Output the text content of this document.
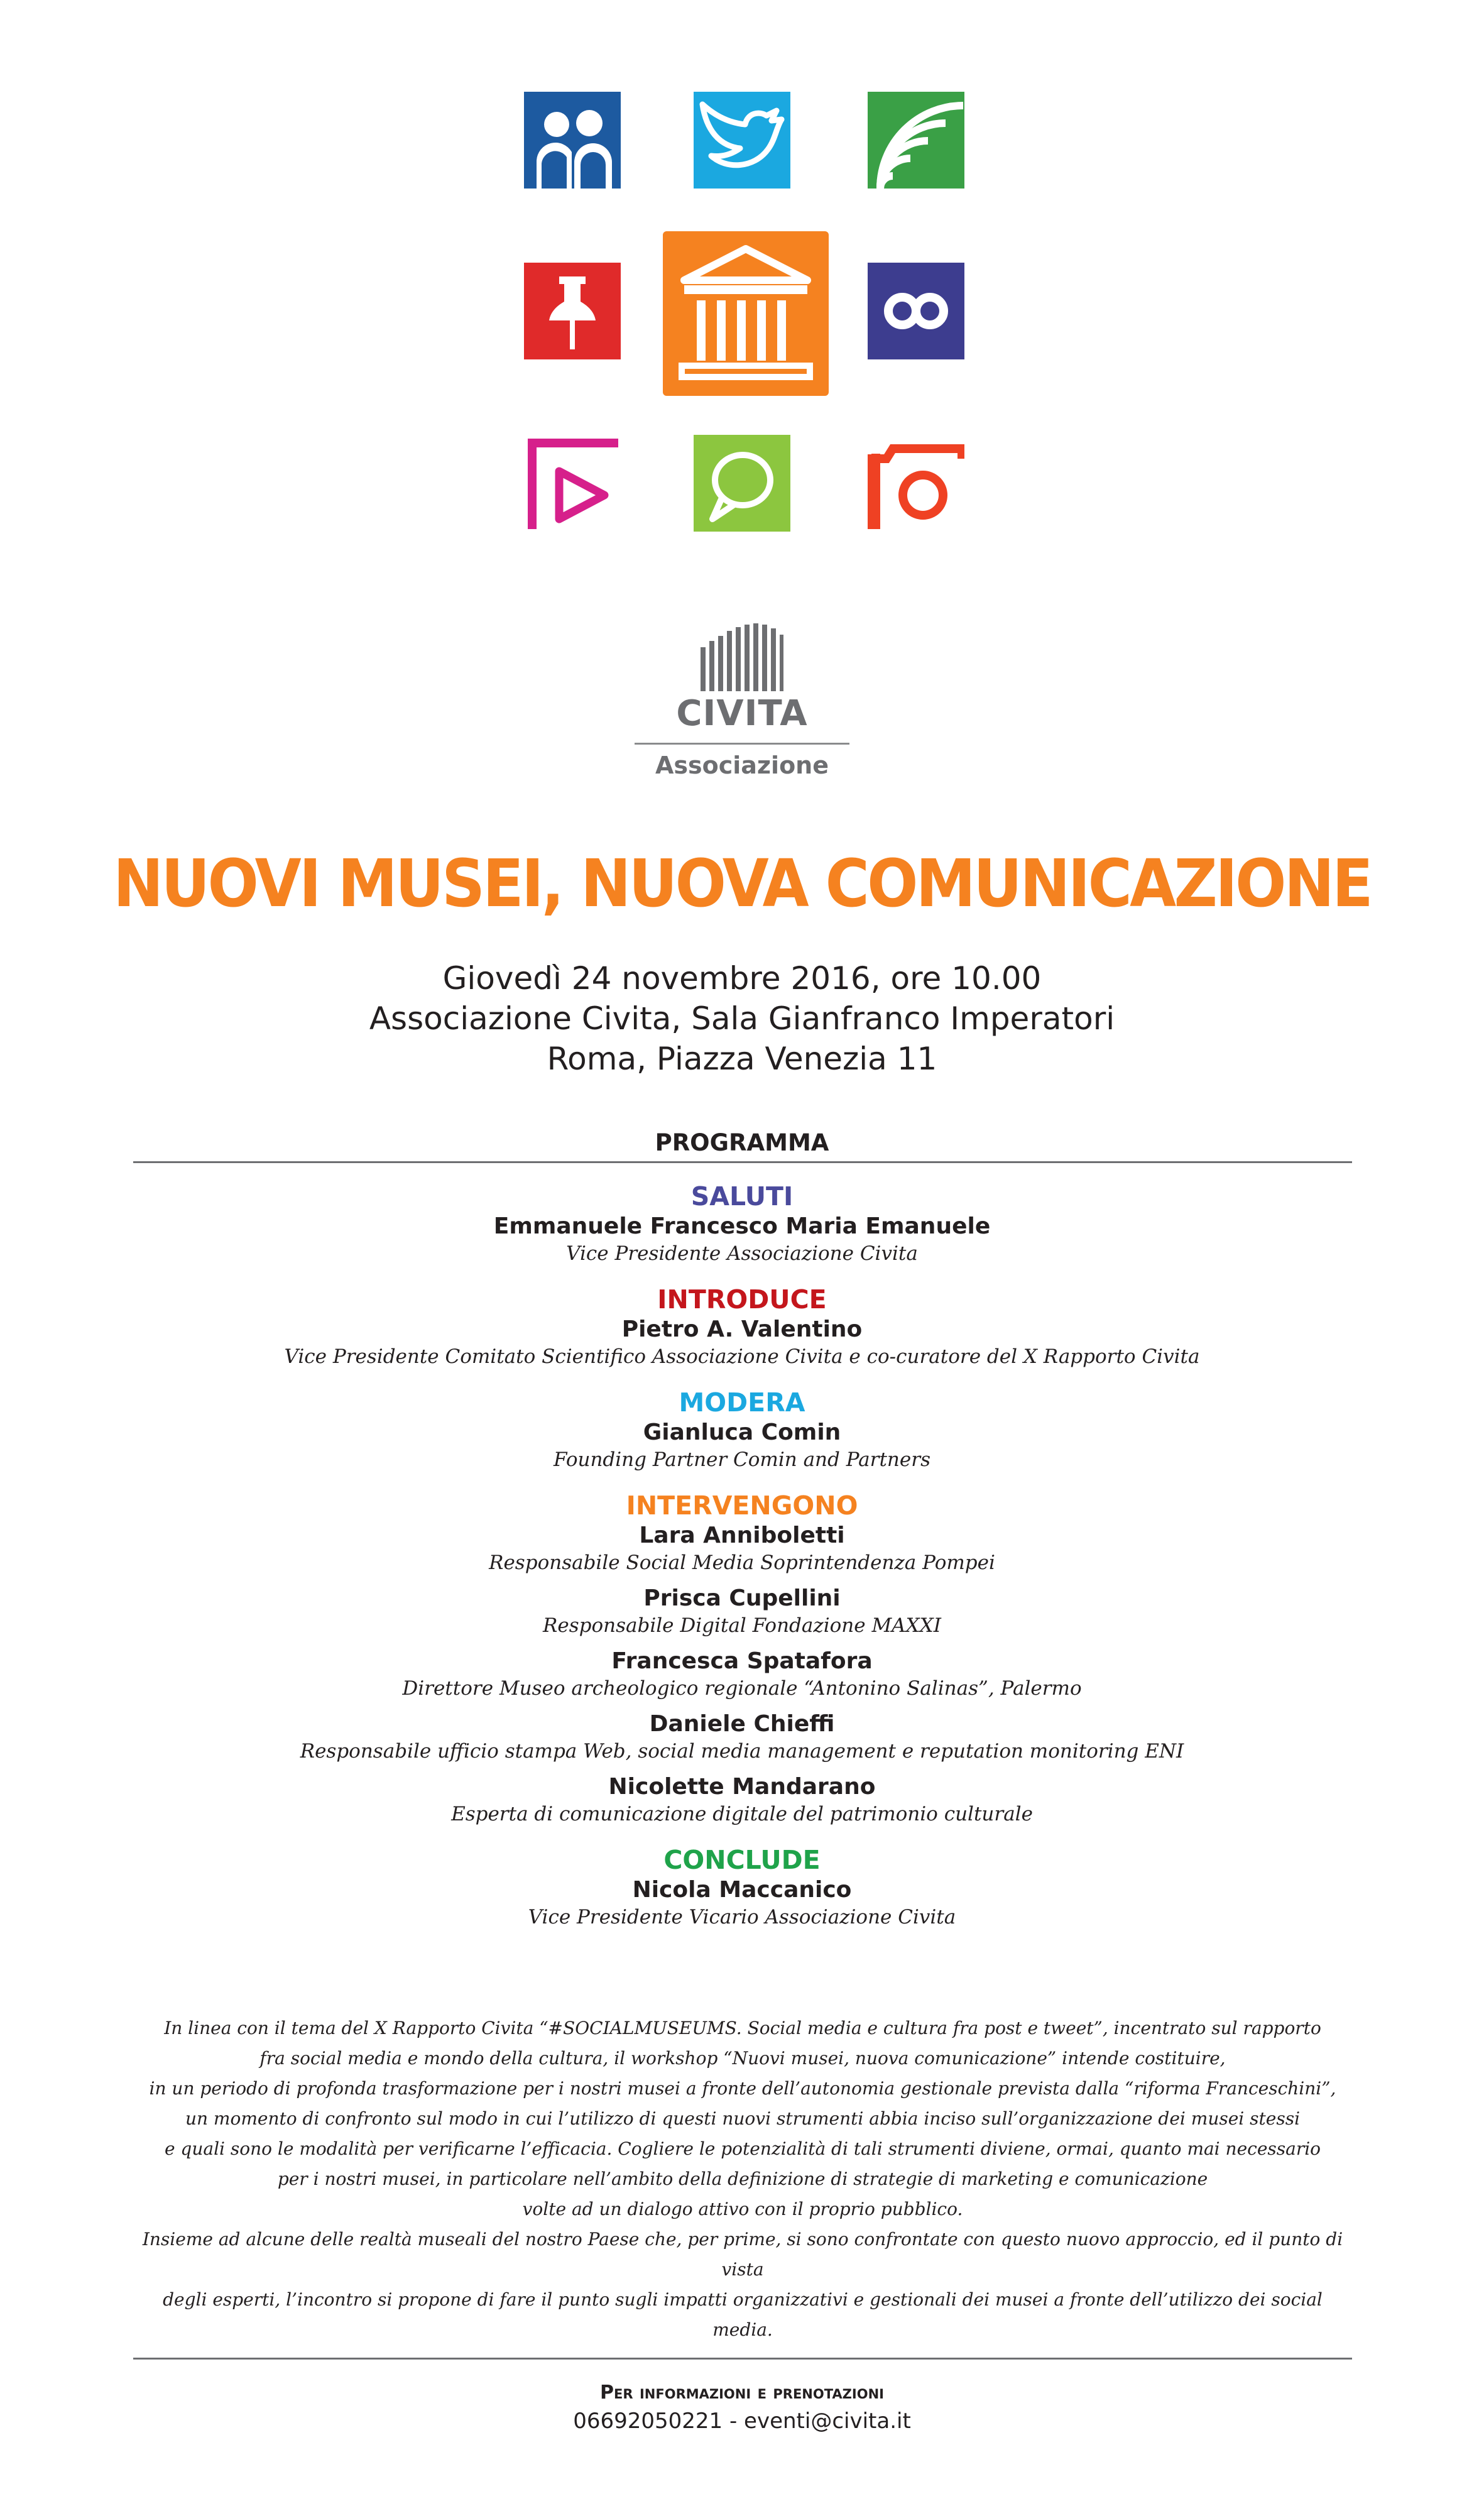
CIVITA
Associazione
NUOVI MUSEI, NUOVA COMUNICAZIONE
Giovedì 24 novembre 2016, ore 10.00
Associazione Civita, Sala Gianfranco Imperatori
Roma, Piazza Venezia 11
PROGRAMMA
SALUTI
Emmanuele Francesco Maria Emanuele
Vice Presidente Associazione Civita
INTRODUCE
Pietro A. Valentino
Vice Presidente Comitato Scientifico Associazione Civita e co-curatore del X Rapporto Civita
MODERA
Gianluca Comin
Founding Partner Comin and Partners
INTERVENGONO
Lara Anniboletti
Responsabile Social Media Soprintendenza Pompei
Prisca Cupellini
Responsabile Digital Fondazione MAXXI
Francesca Spatafora
Direttore Museo archeologico regionale “Antonino Salinas”, Palermo
Daniele Chieffi
Responsabile ufficio stampa Web, social media management e reputation monitoring ENI
Nicolette Mandarano
Esperta di comunicazione digitale del patrimonio culturale
CONCLUDE
Nicola Maccanico
Vice Presidente Vicario Associazione Civita
In linea con il tema del X Rapporto Civita “#SOCIALMUSEUMS. Social media e cultura fra post e tweet”, incentrato sul rapporto
fra social media e mondo della cultura, il workshop “Nuovi musei, nuova comunicazione” intende costituire,
in un periodo di profonda trasformazione per i nostri musei a fronte dell’autonomia gestionale prevista dalla “riforma Franceschini”,
un momento di confronto sul modo in cui l’utilizzo di questi nuovi strumenti abbia inciso sull’organizzazione dei musei stessi
e quali sono le modalità per verificarne l’efficacia. Cogliere le potenzialità di tali strumenti diviene, ormai, quanto mai necessario
per i nostri musei, in particolare nell’ambito della definizione di strategie di marketing e comunicazione
volte ad un dialogo attivo con il proprio pubblico.
Insieme ad alcune delle realtà museali del nostro Paese che, per prime, si sono confrontate con questo nuovo approccio, ed il punto di vista
degli esperti, l’incontro si propone di fare il punto sugli impatti organizzativi e gestionali dei musei a fronte dell’utilizzo dei social media.
Per informazioni e prenotazioni
06692050221 - eventi@civita.it
